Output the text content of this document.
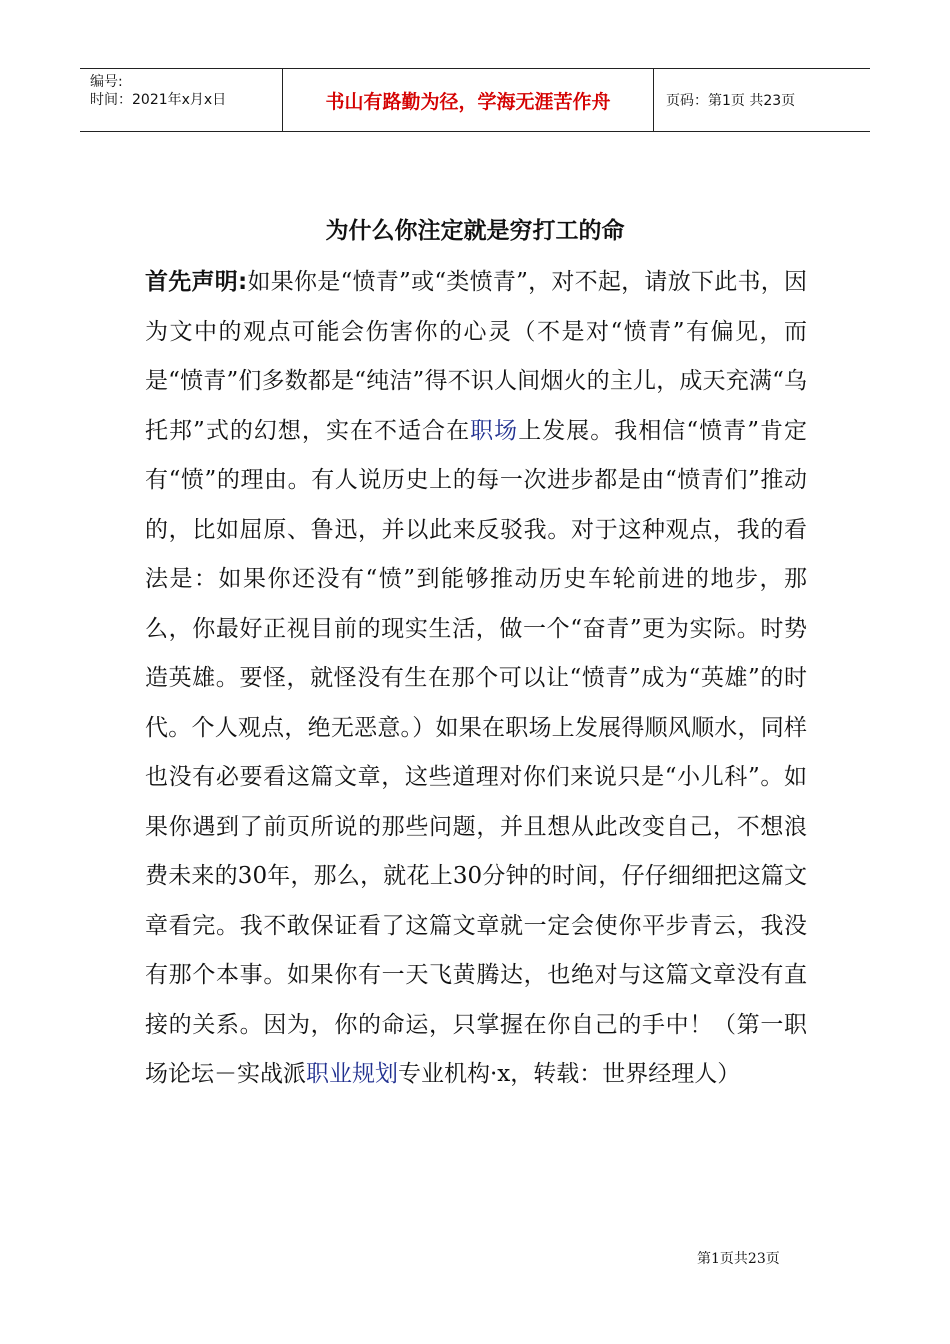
编号:
时间：2021年x月x日	书山有路勤为径，学海无涯苦作舟	页码：第1页 共23页
为什么你注定就是穷打工的命
首先声明:如果你是“愤青”或“类愤青”，对不起，请放下此书，因为文中的观点可能会伤害你的心灵（不是对“愤青”有偏见，而是“愤青”们多数都是“纯洁”得不识人间烟火的主儿，成天充满“乌托邦”式的幻想，实在不适合在职场上发展。我相信“愤青”肯定有“愤”的理由。有人说历史上的每一次进步都是由“愤青们”推动的，比如屈原、鲁迅，并以此来反驳我。对于这种观点，我的看法是：如果你还没有“愤”到能够推动历史车轮前进的地步，那么，你最好正视目前的现实生活，做一个“奋青”更为实际。时势造英雄。要怪，就怪没有生在那个可以让“愤青”成为“英雄”的时代。个人观点，绝无恶意。）如果在职场上发展得顺风顺水，同样也没有必要看这篇文章，这些道理对你们来说只是“小儿科”。如果你遇到了前页所说的那些问题，并且想从此改变自己，不想浪费未来的30年，那么，就花上30分钟的时间，仔仔细细把这篇文章看完。我不敢保证看了这篇文章就一定会使你平步青云，我没有那个本事。如果你有一天飞黄腾达，也绝对与这篇文章没有直接的关系。因为，你的命运，只掌握在你自己的手中！（第一职场论坛－实战派职业规划专业机构·x，转载：世界经理人）
第1页共23页
